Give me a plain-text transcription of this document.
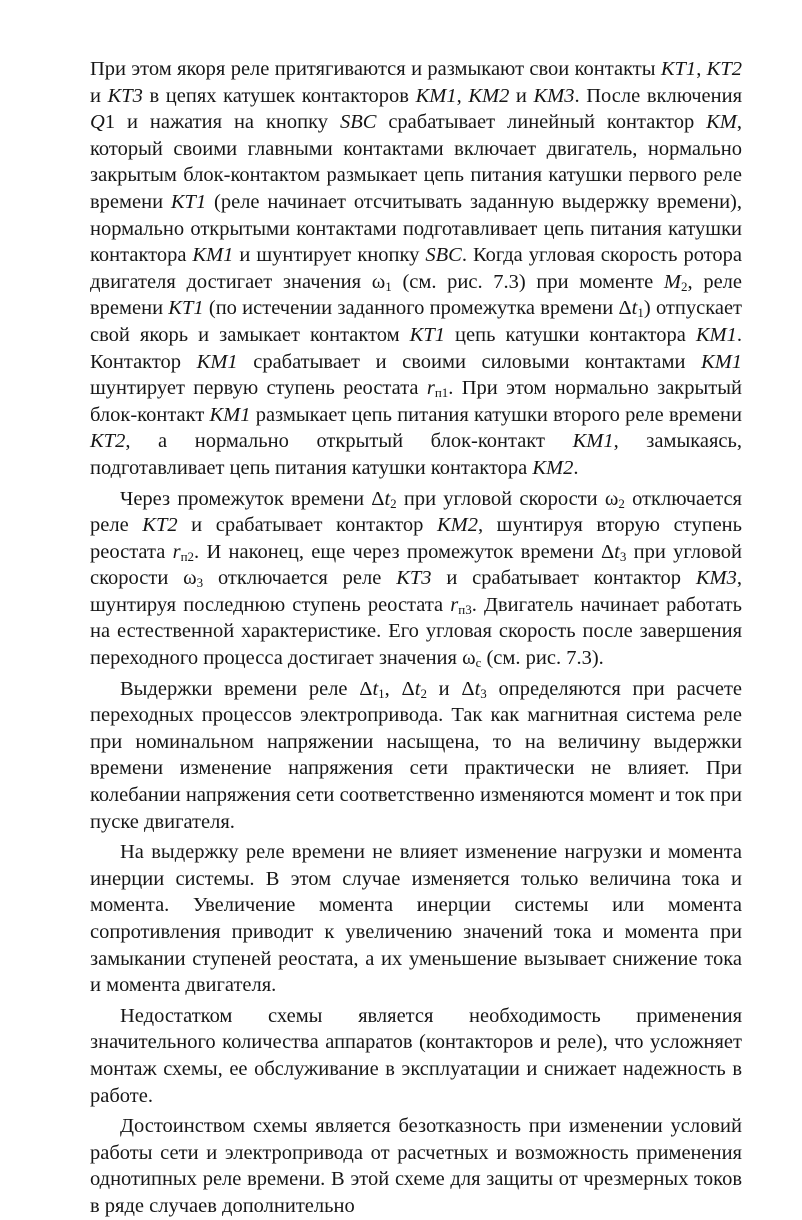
При этом якоря реле притягиваются и размыкают свои контакты KT1, KT2 и KT3 в цепях катушек контакторов KM1, KM2 и KM3. После включения Q1 и нажатия на кнопку SBC срабатывает линейный контактор KM, который своими главными контактами включает двигатель, нормально закрытым блок-контактом размыкает цепь питания катушки первого реле времени KT1 (реле начинает отсчитывать заданную выдержку времени), нормально открытыми контактами подготавливает цепь питания катушки контактора KM1 и шунтирует кнопку SBC. Когда угловая скорость ротора двигателя достигает значения $\omega_1$ (см. рис. 7.3) при моменте $M_2$, реле времени KT1 (по истечении заданного промежутка времени $\Delta t_1$) отпускает свой якорь и замыкает контактом KT1 цепь катушки контактора KM1. Контактор KM1 срабатывает и своими силовыми контактами KM1 шунтирует первую ступень реостата $r_{п1}$. При этом нормально закрытый блок-контакт KM1 размыкает цепь питания катушки второго реле времени KT2, а нормально открытый блок-контакт KM1, замыкаясь, подготавливает цепь питания катушки контактора KM2.

Через промежуток времени $\Delta t_2$ при угловой скорости $\omega_2$ отключается реле KT2 и срабатывает контактор KM2, шунтируя вторую ступень реостата $r_{п2}$. И наконец, еще через промежуток времени $\Delta t_3$ при угловой скорости $\omega_3$ отключается реле KT3 и срабатывает контактор KM3, шунтируя последнюю ступень реостата $r_{п3}$. Двигатель начинает работать на естественной характеристике. Его угловая скорость после завершения переходного процесса достигает значения $\omega_с$ (см. рис. 7.3).

Выдержки времени реле $\Delta t_1$, $\Delta t_2$ и $\Delta t_3$ определяются при расчете переходных процессов электропривода. Так как магнитная система реле при номинальном напряжении насыщена, то на величину выдержки времени изменение напряжения сети практически не влияет. При колебании напряжения сети соответственно изменяются момент и ток при пуске двигателя.

На выдержку реле времени не влияет изменение нагрузки и момента инерции системы. В этом случае изменяется только величина тока и момента. Увеличение момента инерции системы или момента сопротивления приводит к увеличению значений тока и момента при замыкании ступеней реостата, а их уменьшение вызывает снижение тока и момента двигателя.

Недостатком схемы является необходимость применения значительного количества аппаратов (контакторов и реле), что усложняет монтаж схемы, ее обслуживание в эксплуатации и снижает надежность в работе.

Достоинством схемы является безотказность при изменении условий работы сети и электропривода от расчетных и возможность применения однотипных реле времени. В этой схеме для защиты от чрезмерных токов в ряде случаев дополнительно
